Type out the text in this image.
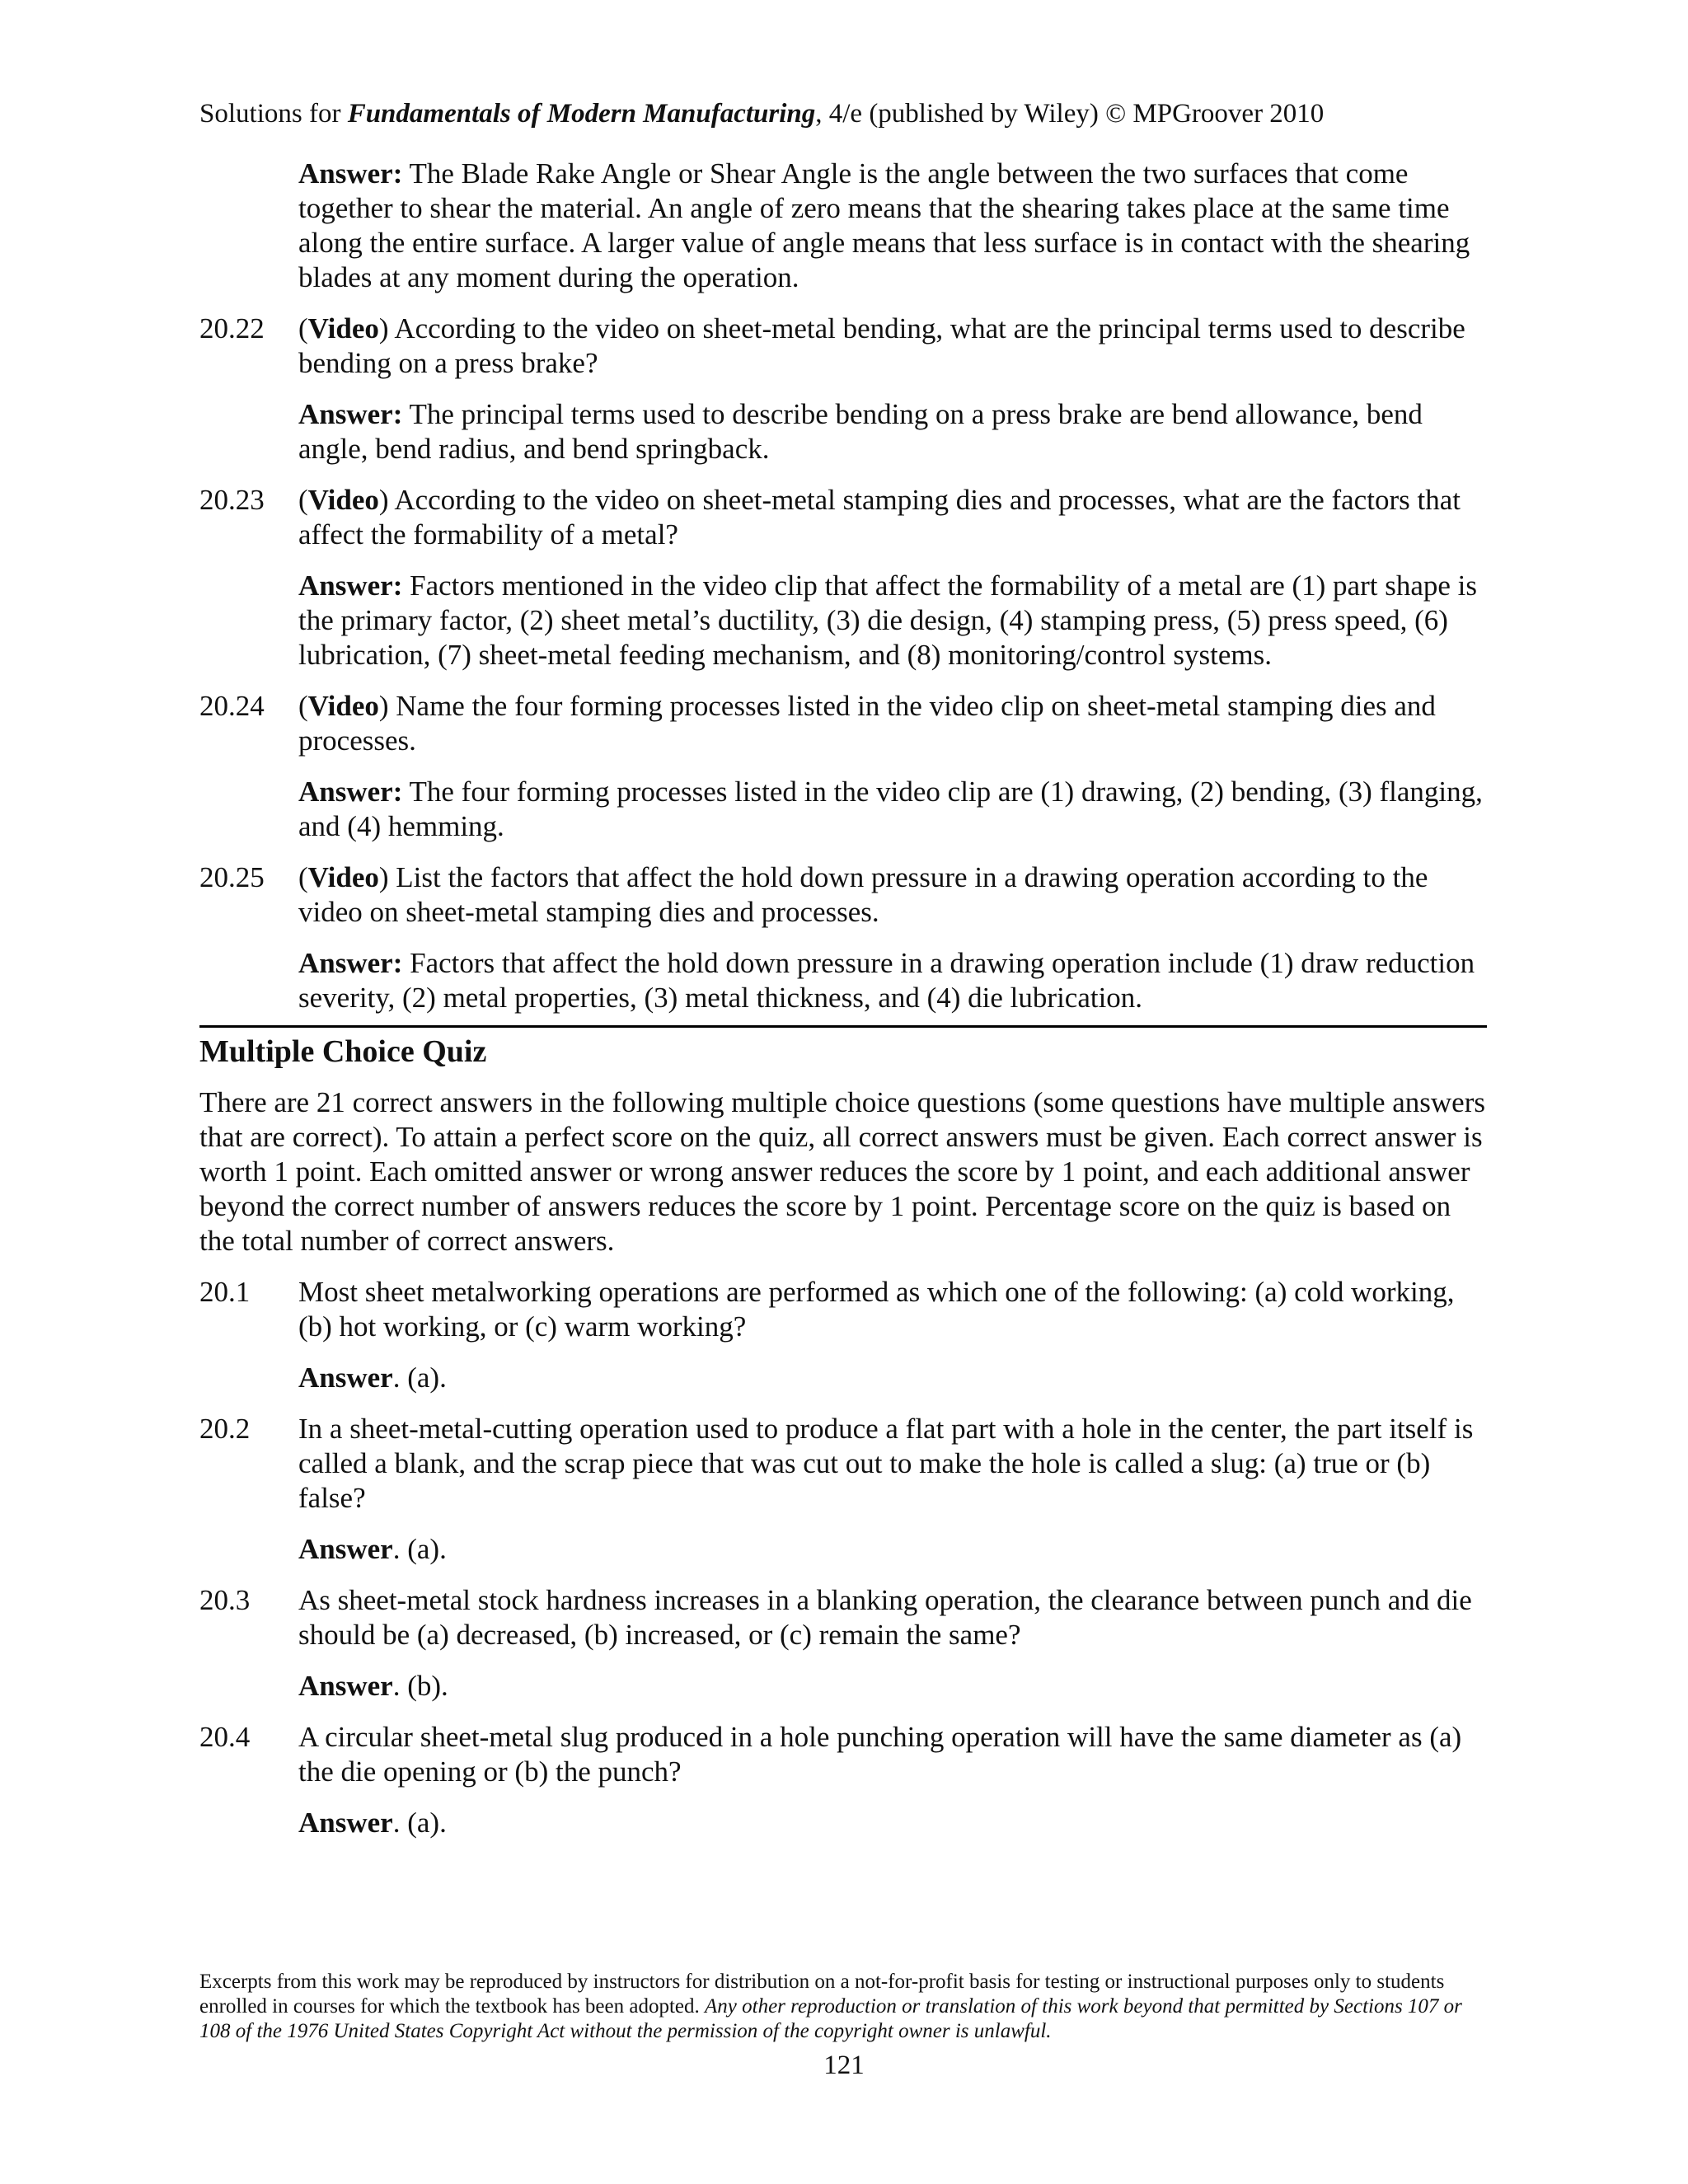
Solutions for Fundamentals of Modern Manufacturing, 4/e (published by Wiley) © MPGroover 2010
Answer: The Blade Rake Angle or Shear Angle is the angle between the two surfaces that come together to shear the material. An angle of zero means that the shearing takes place at the same time along the entire surface. A larger value of angle means that less surface is in contact with the shearing blades at any moment during the operation.
20.22	(Video) According to the video on sheet-metal bending, what are the principal terms used to describe bending on a press brake?
Answer: The principal terms used to describe bending on a press brake are bend allowance, bend angle, bend radius, and bend springback.
20.23	(Video) According to the video on sheet-metal stamping dies and processes, what are the factors that affect the formability of a metal?
Answer: Factors mentioned in the video clip that affect the formability of a metal are (1) part shape is the primary factor, (2) sheet metal’s ductility, (3) die design, (4) stamping press, (5) press speed, (6) lubrication, (7) sheet-metal feeding mechanism, and (8) monitoring/control systems.
20.24	(Video) Name the four forming processes listed in the video clip on sheet-metal stamping dies and processes.
Answer: The four forming processes listed in the video clip are (1) drawing, (2) bending, (3) flanging, and (4) hemming.
20.25	(Video) List the factors that affect the hold down pressure in a drawing operation according to the video on sheet-metal stamping dies and processes.
Answer: Factors that affect the hold down pressure in a drawing operation include (1) draw reduction severity, (2) metal properties, (3) metal thickness, and (4) die lubrication.
Multiple Choice Quiz
There are 21 correct answers in the following multiple choice questions (some questions have multiple answers that are correct). To attain a perfect score on the quiz, all correct answers must be given. Each correct answer is worth 1 point. Each omitted answer or wrong answer reduces the score by 1 point, and each additional answer beyond the correct number of answers reduces the score by 1 point. Percentage score on the quiz is based on the total number of correct answers.
20.1	Most sheet metalworking operations are performed as which one of the following: (a) cold working, (b) hot working, or (c) warm working?
Answer. (a).
20.2	In a sheet-metal-cutting operation used to produce a flat part with a hole in the center, the part itself is called a blank, and the scrap piece that was cut out to make the hole is called a slug: (a) true or (b) false?
Answer. (a).
20.3	As sheet-metal stock hardness increases in a blanking operation, the clearance between punch and die should be (a) decreased, (b) increased, or (c) remain the same?
Answer. (b).
20.4	A circular sheet-metal slug produced in a hole punching operation will have the same diameter as (a) the die opening or (b) the punch?
Answer. (a).
Excerpts from this work may be reproduced by instructors for distribution on a not-for-profit basis for testing or instructional purposes only to students enrolled in courses for which the textbook has been adopted. Any other reproduction or translation of this work beyond that permitted by Sections 107 or 108 of the 1976 United States Copyright Act without the permission of the copyright owner is unlawful.
121
